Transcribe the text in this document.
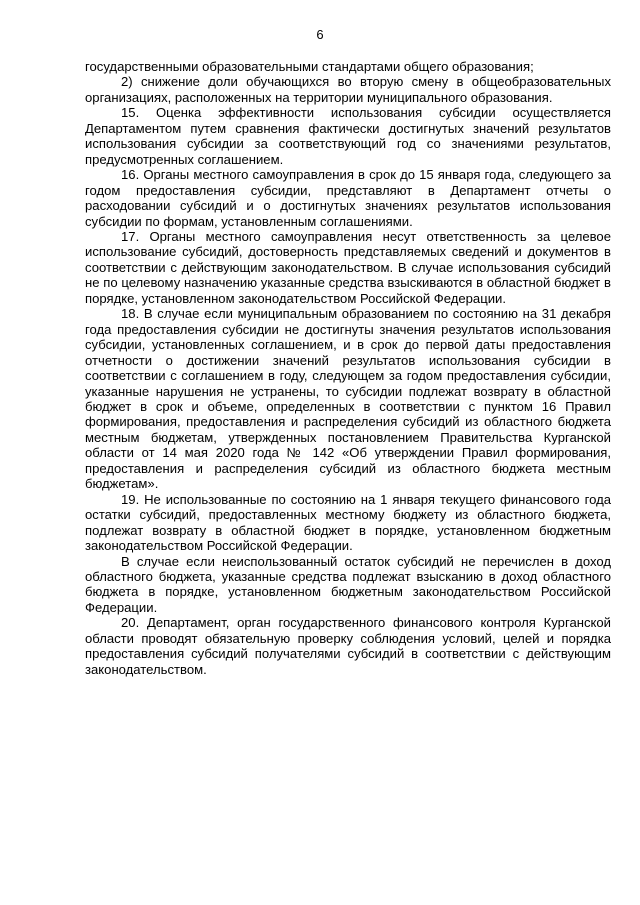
6

государственными образовательными стандартами общего образования;

2) снижение доли обучающихся во вторую смену в общеобразовательных организациях, расположенных на территории муниципального образования.

15. Оценка эффективности использования субсидии осуществляется Департаментом путем сравнения фактически достигнутых значений результатов использования субсидии за соответствующий год со значениями результатов, предусмотренных соглашением.

16. Органы местного самоуправления в срок до 15 января года, следующего за годом предоставления субсидии, представляют в Департамент отчеты о расходовании субсидий и о достигнутых значениях результатов использования субсидии по формам, установленным соглашениями.

17. Органы местного самоуправления несут ответственность за целевое использование субсидий, достоверность представляемых сведений и документов в соответствии с действующим законодательством. В случае использования субсидий не по целевому назначению указанные средства взыскиваются в областной бюджет в порядке, установленном законодательством Российской Федерации.

18. В случае если муниципальным образованием по состоянию на 31 декабря года предоставления субсидии не достигнуты значения результатов использования субсидии, установленных соглашением, и в срок до первой даты предоставления отчетности о достижении значений результатов использования субсидии в соответствии с соглашением в году, следующем за годом предоставления субсидии, указанные нарушения не устранены, то субсидии подлежат возврату в областной бюджет в срок и объеме, определенных в соответствии с пунктом 16 Правил формирования, предоставления и распределения субсидий из областного бюджета местным бюджетам, утвержденных постановлением Правительства Курганской области от 14 мая 2020 года № 142 «Об утверждении Правил формирования, предоставления и распределения субсидий из областного бюджета местным бюджетам».

19. Не использованные по состоянию на 1 января текущего финансового года остатки субсидий, предоставленных местному бюджету из областного бюджета, подлежат возврату в областной бюджет в порядке, установленном бюджетным законодательством Российской Федерации.

В случае если неиспользованный остаток субсидий не перечислен в доход областного бюджета, указанные средства подлежат взысканию в доход областного бюджета в порядке, установленном бюджетным законодательством Российской Федерации.

20. Департамент, орган государственного финансового контроля Курганской области проводят обязательную проверку соблюдения условий, целей и порядка предоставления субсидий получателями субсидий в соответствии с действующим законодательством.
